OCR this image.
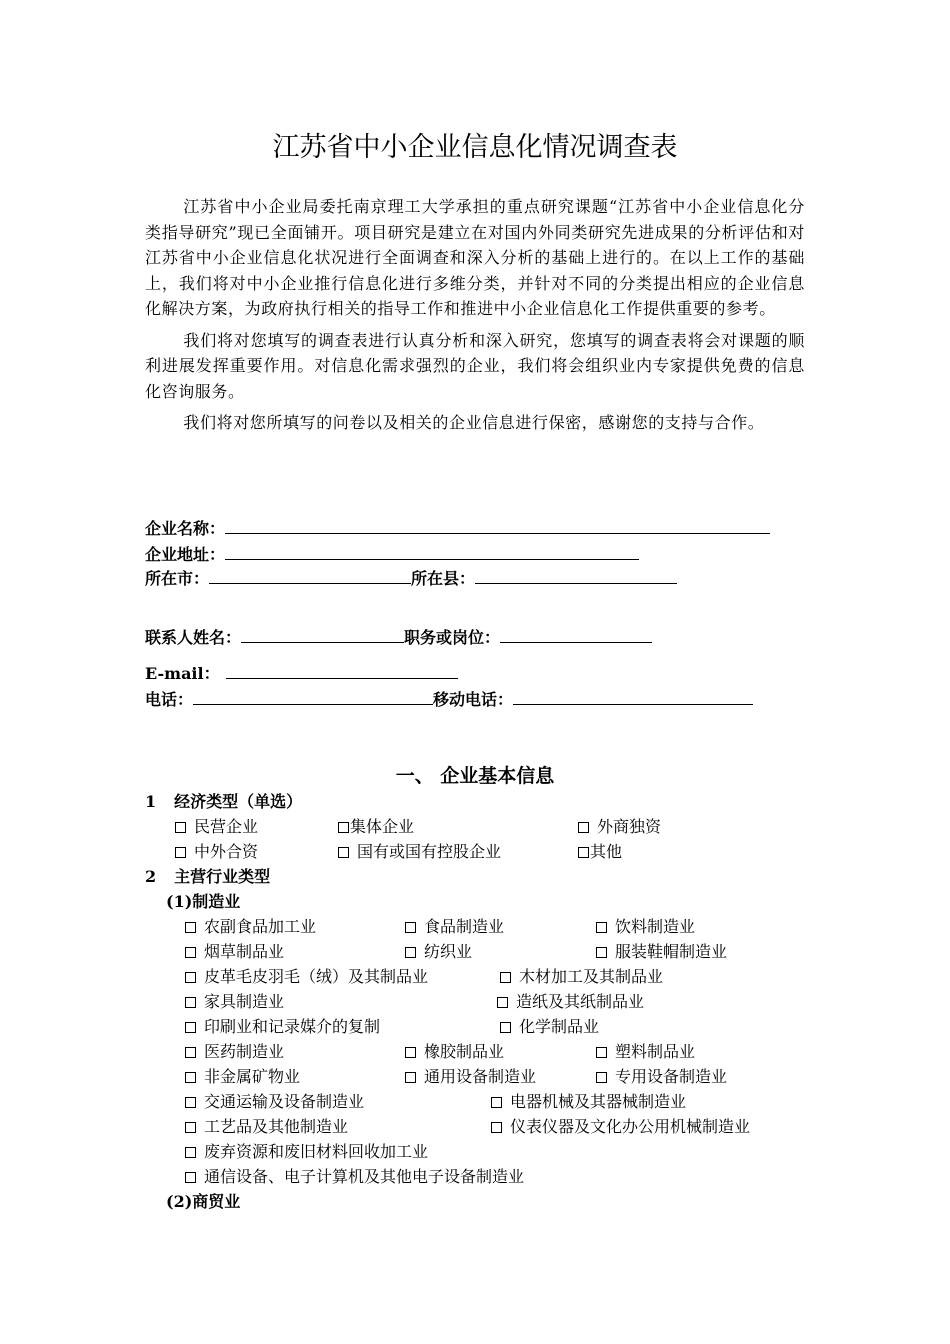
江苏省中小企业信息化情况调查表

江苏省中小企业局委托南京理工大学承担的重点研究课题“江苏省中小企业信息化分类指导研究”现已全面铺开。项目研究是建立在对国内外同类研究先进成果的分析评估和对江苏省中小企业信息化状况进行全面调查和深入分析的基础上进行的。在以上工作的基础上，我们将对中小企业推行信息化进行多维分类，并针对不同的分类提出相应的企业信息化解决方案，为政府执行相关的指导工作和推进中小企业信息化工作提供重要的参考。

我们将对您填写的调查表进行认真分析和深入研究，您填写的调查表将会对课题的顺利进展发挥重要作用。对信息化需求强烈的企业，我们将会组织业内专家提供免费的信息化咨询服务。

我们将对您所填写的问卷以及相关的企业信息进行保密，感谢您的支持与合作。

企业名称：
企业地址：
所在市：	所在县：
联系人姓名：	职务或岗位：
E-mail：
电话：	移动电话：
一、 企业基本信息
1 经济类型（单选）
民营企业	集体企业	外商独资
中外合资	国有或国有控股企业	其他
2 主营行业类型
(1)制造业
农副食品加工业	食品制造业	饮料制造业
烟草制品业	纺织业	服装鞋帽制造业
皮革毛皮羽毛（绒）及其制品业	木材加工及其制品业
家具制造业	造纸及其纸制品业
印刷业和记录媒介的复制	化学制品业
医药制造业	橡胶制品业	塑料制品业
非金属矿物业	通用设备制造业	专用设备制造业
交通运输及设备制造业	电器机械及其器械制造业
工艺品及其他制造业	仪表仪器及文化办公用机械制造业
废弃资源和废旧材料回收加工业
通信设备、电子计算机及其他电子设备制造业
(2)商贸业
